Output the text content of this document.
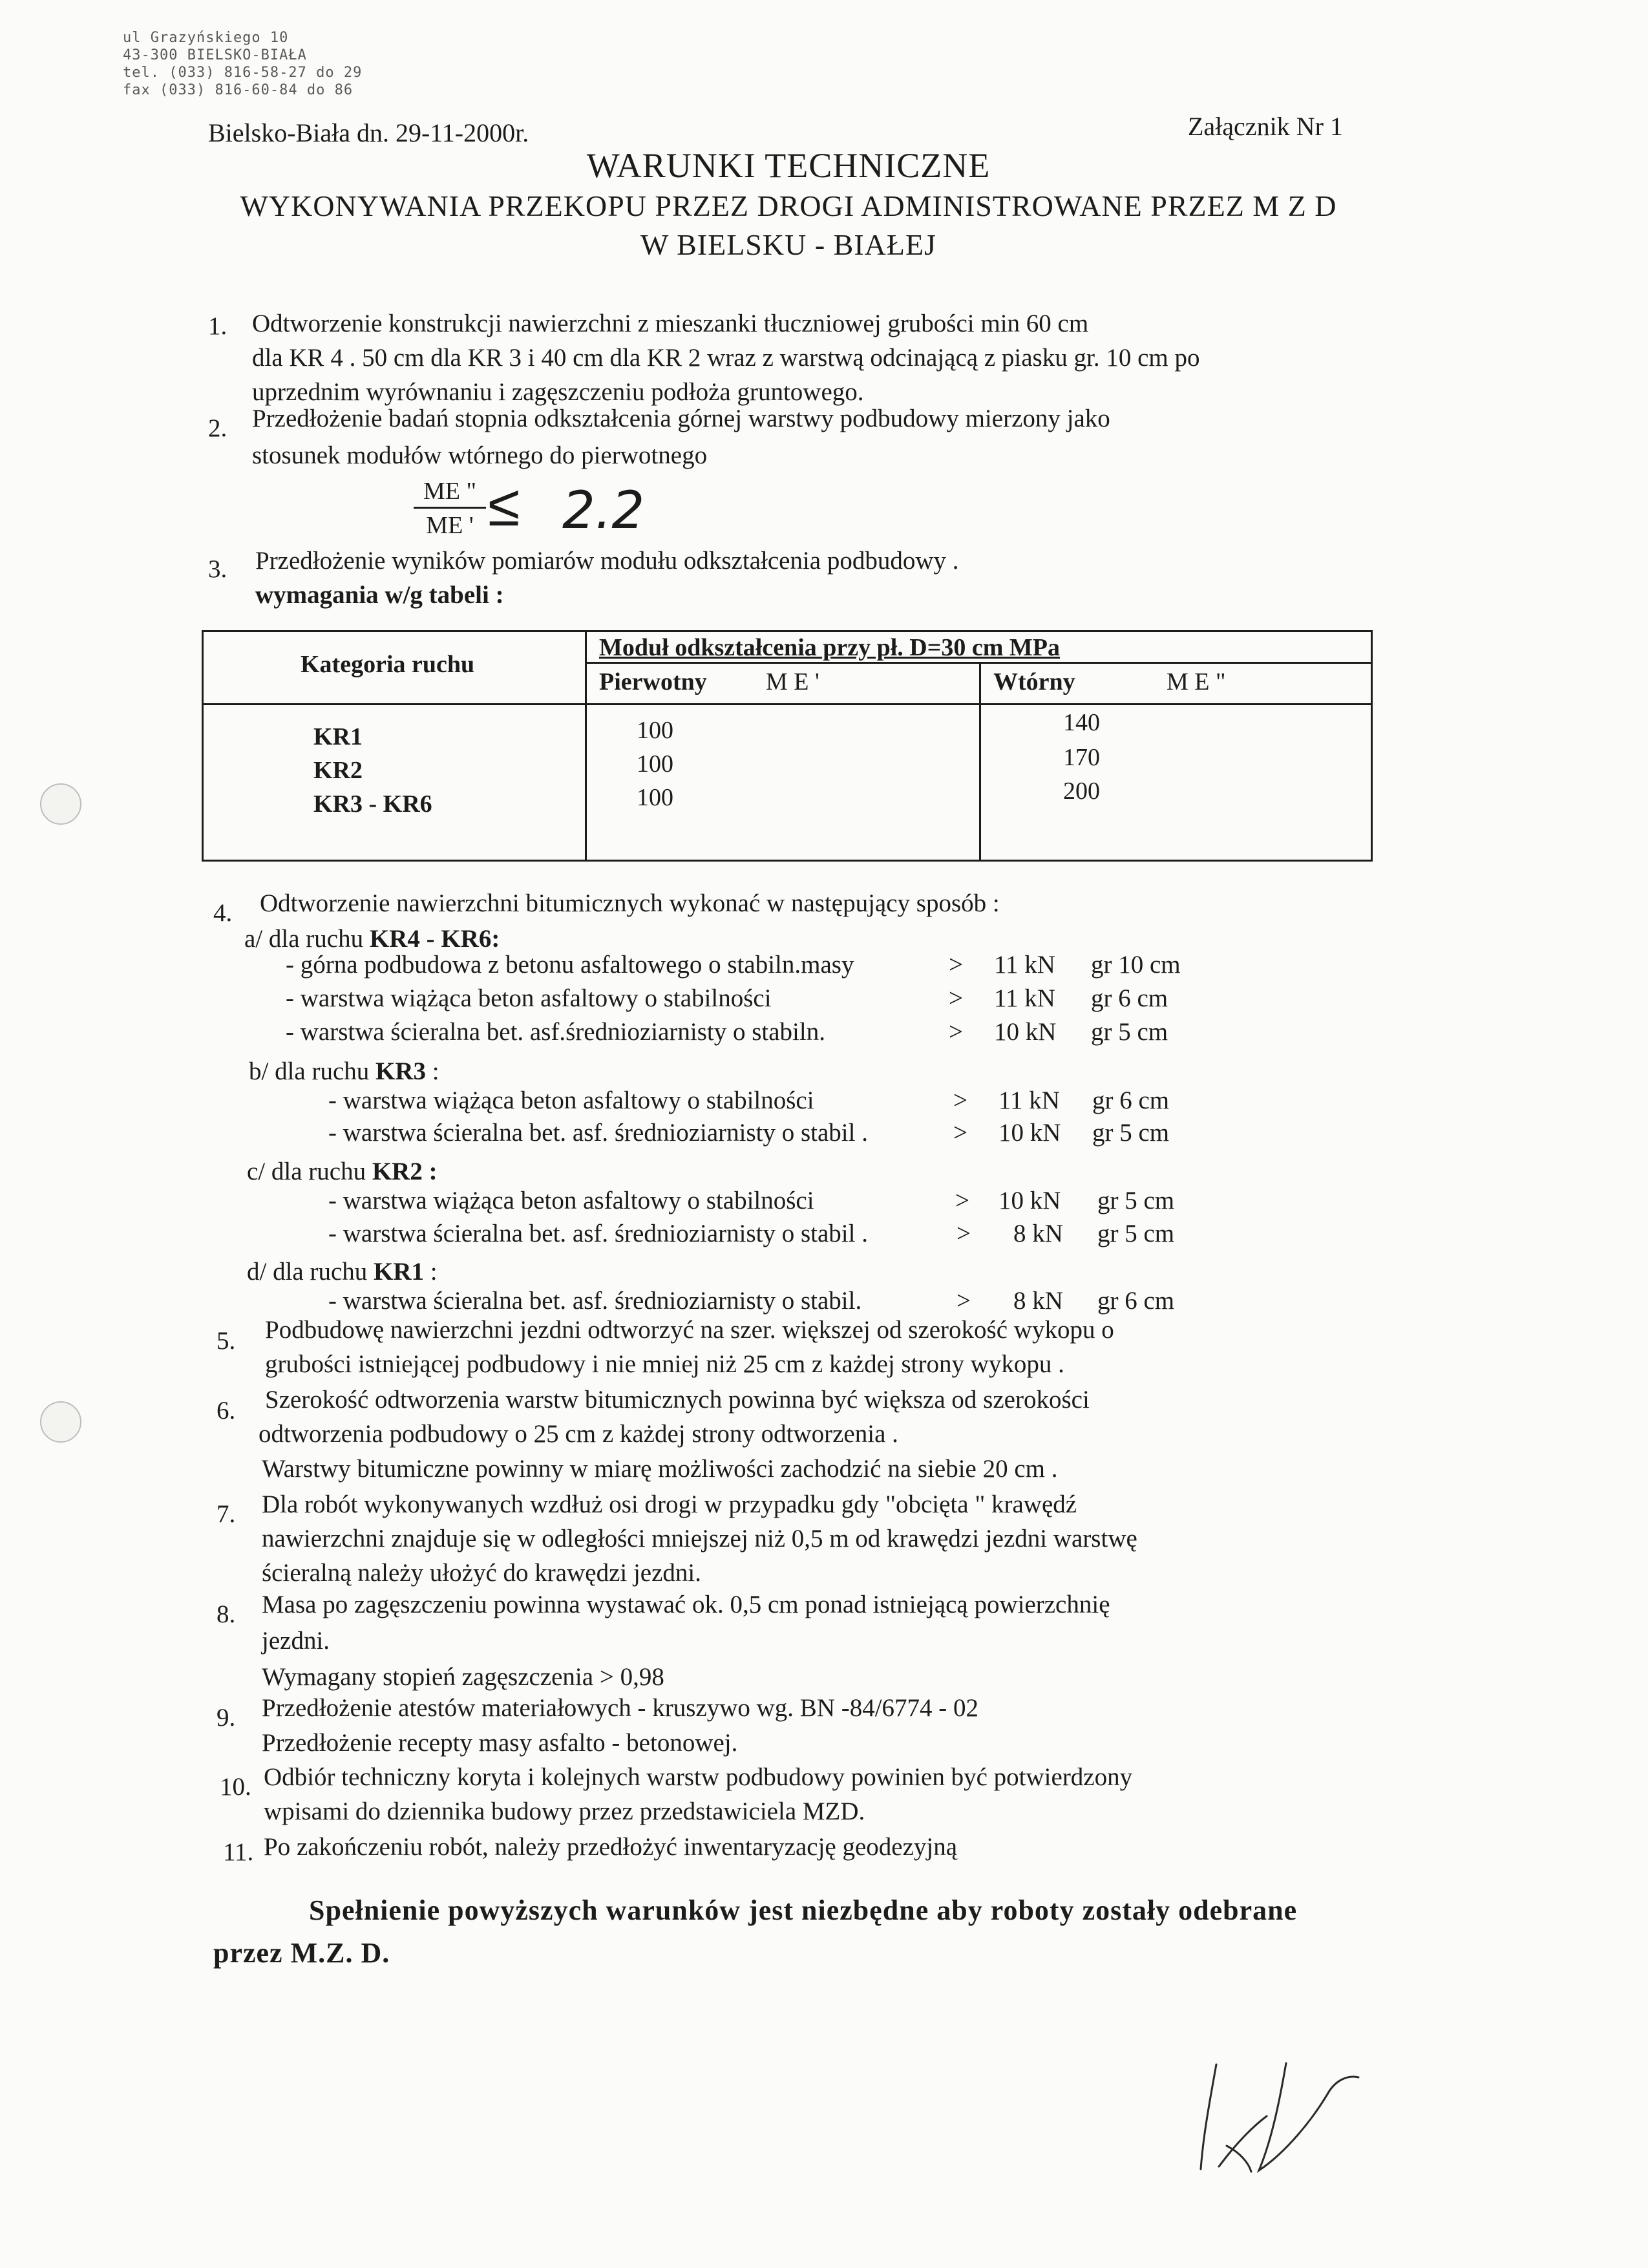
ul Grazyńskiego 10
43-300 BIELSKO-BIAŁA
tel. (033) 816-58-27 do 29
fax (033) 816-60-84 do 86
Bielsko-Biała dn. 29-11-2000r.	Załącznik Nr 1
WARUNKI TECHNICZNE
WYKONYWANIA PRZEKOPU PRZEZ DROGI ADMINISTROWANE PRZEZ M Z D
W BIELSKU - BIAŁEJ
1. Odtworzenie konstrukcji nawierzchni z mieszanki tłuczniowej grubości min 60 cm
dla KR 4 . 50 cm dla KR 3 i 40 cm dla KR 2 wraz z warstwą odcinającą z piasku gr. 10 cm po
uprzednim wyrównaniu i zagęszczeniu podłoża gruntowego.
2. Przedłożenie badań stopnia odkształcenia górnej warstwy podbudowy mierzony jako
stosunek modułów wtórnego do pierwotnego
ME "
ME ' ≤ 2.2
3. Przedłożenie wyników pomiarów modułu odkształcenia podbudowy .
wymagania w/g tabeli :
Kategoria ruchu
Moduł odkształcenia przy pł. D=30 cm MPa
Pierwotny M E '	Wtórny	M E "
KR1	100	140
KR2	100	170
KR3 - KR6	100	200
4. Odtworzenie nawierzchni bitumicznych wykonać w następujący sposób :
a/ dla ruchu KR4 - KR6:
- górna podbudowa z betonu asfaltowego o stabiln.masy	> 11 kN gr 10 cm
- warstwa wiążąca beton asfaltowy o stabilności	> 11 kN gr 6 cm
- warstwa ścieralna bet. asf.średnioziarnisty o stabiln.	> 10 kN gr 5 cm
b/ dla ruchu KR3 :
- warstwa wiążąca beton asfaltowy o stabilności	> 11 kN gr 6 cm
- warstwa ścieralna bet. asf. średnioziarnisty o stabil .	> 10 kN gr 5 cm
c/ dla ruchu KR2 :
- warstwa wiążąca beton asfaltowy o stabilności	> 10 kN gr 5 cm
- warstwa ścieralna bet. asf. średnioziarnisty o stabil .	> 8 kN gr 5 cm
d/ dla ruchu KR1 :
- warstwa ścieralna bet. asf. średnioziarnisty o stabil.	> 8 kN gr 6 cm
5. Podbudowę nawierzchni jezdni odtworzyć na szer. większej od szerokość wykopu o
grubości istniejącej podbudowy i nie mniej niż 25 cm z każdej strony wykopu .
6. Szerokość odtworzenia warstw bitumicznych powinna być większa od szerokości
odtworzenia podbudowy o 25 cm z każdej strony odtworzenia .
Warstwy bitumiczne powinny w miarę możliwości zachodzić na siebie 20 cm .
7. Dla robót wykonywanych wzdłuż osi drogi w przypadku gdy "obcięta " krawędź
nawierzchni znajduje się w odległości mniejszej niż 0,5 m od krawędzi jezdni warstwę
ścieralną należy ułożyć do krawędzi jezdni.
8. Masa po zagęszczeniu powinna wystawać ok. 0,5 cm ponad istniejącą powierzchnię
jezdni.
Wymagany stopień zagęszczenia > 0,98
9. Przedłożenie atestów materiałowych - kruszywo wg. BN -84/6774 - 02
Przedłożenie recepty masy asfalto - betonowej.
10. Odbiór techniczny koryta i kolejnych warstw podbudowy powinien być potwierdzony
wpisami do dziennika budowy przez przedstawiciela MZD.
11. Po zakończeniu robót, należy przedłożyć inwentaryzację geodezyjną
Spełnienie powyższych warunków jest niezbędne aby roboty zostały odebrane
przez M.Z. D.
